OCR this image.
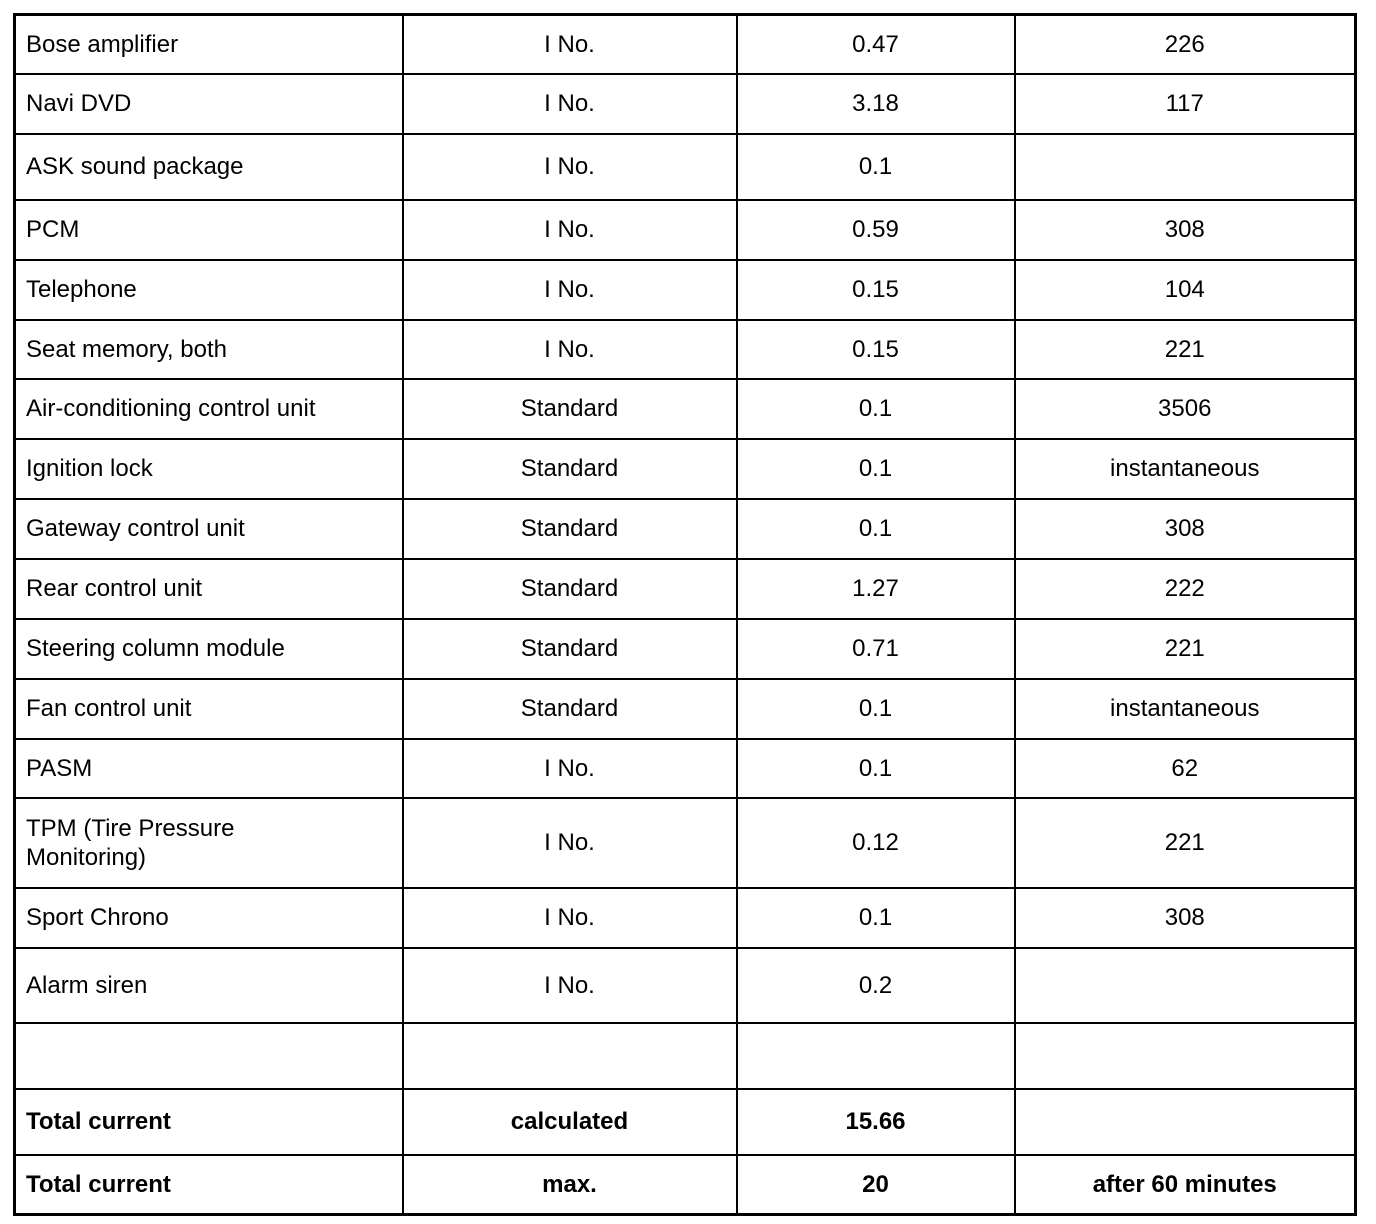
Bose amplifier	I No.	0.47	226
Navi DVD	I No.	3.18	117
ASK sound package	I No.	0.1	
PCM	I No.	0.59	308
Telephone	I No.	0.15	104
Seat memory, both	I No.	0.15	221
Air-conditioning control unit	Standard	0.1	3506
Ignition lock	Standard	0.1	instantaneous
Gateway control unit	Standard	0.1	308
Rear control unit	Standard	1.27	222
Steering column module	Standard	0.71	221
Fan control unit	Standard	0.1	instantaneous
PASM	I No.	0.1	62
TPM (Tire Pressure Monitoring)	I No.	0.12	221
Sport Chrono	I No.	0.1	308
Alarm siren	I No.	0.2	

Total current	calculated	15.66	
Total current	max.	20	after 60 minutes
